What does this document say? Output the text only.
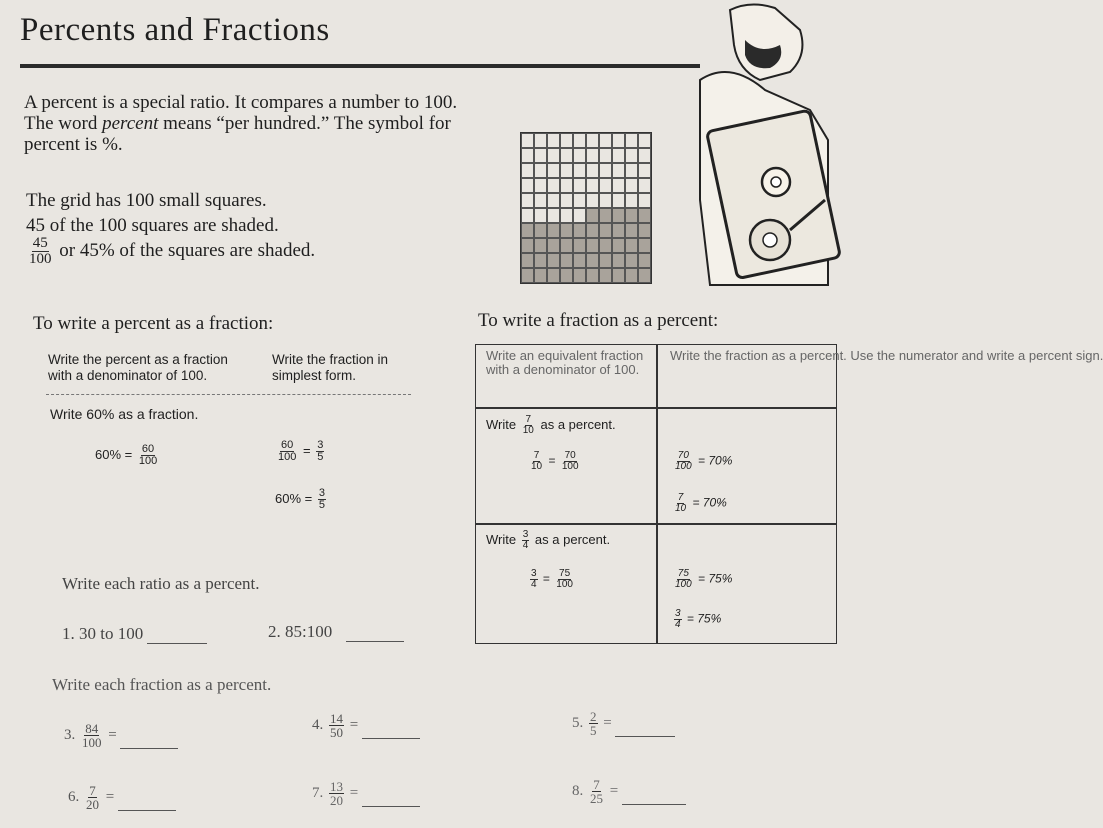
Percents and Fractions
A percent is a special ratio. It compares a number to 100.
The word percent means “per hundred.” The symbol for
percent is %.
The grid has 100 small squares.
45 of the 100 squares are shaded.
$\frac{45}{100}$ or 45% of the squares are shaded.
To write a percent as a fraction:
Write the percent as a fraction with a denominator of 100.
Write the fraction in simplest form.
Write 60% as a fraction.
$60\% = \frac{60}{100}$	$\frac{60}{100} = \frac{3}{5}$
$60\% = \frac{3}{5}$
To write a fraction as a percent:
Write an equivalent fraction with a denominator of 100.
Write the fraction as a percent. Use the numerator and write a percent sign.
Write $\frac{7}{10}$ as a percent.
$\frac{7}{10} = \frac{70}{100}$	$\frac{70}{100} = 70\%$
$\frac{7}{10} = 70\%$
Write $\frac{3}{4}$ as a percent.
$\frac{3}{4} = \frac{75}{100}$	$\frac{75}{100} = 75\%$
$\frac{3}{4} = 75\%$
Write each ratio as a percent.
1. 30 to 100	2. 85:100
Write each fraction as a percent.
3. $\frac{84}{100}$ =
4. $\frac{14}{50}$ =	5. $\frac{2}{5}$ =
6. $\frac{7}{20}$ =	7. $\frac{13}{20}$ =	8. $\frac{7}{25}$ =
